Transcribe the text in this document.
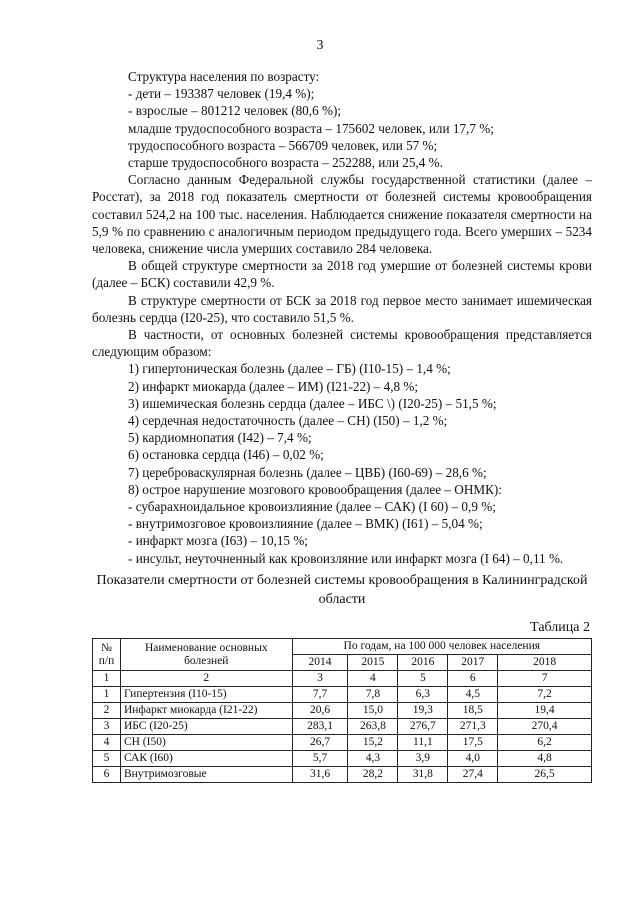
3

Структура населения по возрасту:

- дети – 193387 человек (19,4 %);

- взрослые – 801212 человек (80,6 %);

младше трудоспособного возраста – 175602 человек, или 17,7 %;

трудоспособного возраста – 566709 человек, или 57 %;

старше трудоспособного возраста – 252288, или 25,4 %.

Согласно данным Федеральной службы государственной статистики (далее – Росстат), за 2018 год показатель смертности от болезней системы кровообращения составил 524,2 на 100 тыс. населения. Наблюдается снижение показателя смертности на 5,9 % по сравнению с аналогичным периодом предыдущего года. Всего умерших – 5234 человека, снижение числа умерших составило 284 человека.

В общей структуре смертности за 2018 год умершие от болезней системы крови (далее – БСК) составили 42,9 %.

В структуре смертности от БСК за 2018 год первое место занимает ишемическая болезнь сердца (I20-25), что составило 51,5 %.

В частности, от основных болезней системы кровообращения представляется следующим образом:

1) гипертоническая болезнь (далее – ГБ) (I10-15) – 1,4 %;

2) инфаркт миокарда (далее – ИМ) (I21-22) – 4,8 %;

3) ишемическая болезнь сердца (далее – ИБС \) (I20-25) – 51,5 %;

4) сердечная недостаточность (далее – СН) (I50) – 1,2 %;

5) кардиомнопатия (I42) – 7,4 %;

6) остановка сердца (I46) – 0,02 %;

7) цереброваскулярная болезнь (далее – ЦВБ) (I60-69) – 28,6 %;

8) острое нарушение мозгового кровообращения (далее – ОНМК):

- субарахноидальное кровоизлияние (далее – САК) (I 60) – 0,9 %;

- внутримозговое кровоизлияние (далее – ВМК) (I61) – 5,04 %;

- инфаркт мозга (I63) – 10,15 %;

- инсульт, неуточненный как кровоизляние или инфаркт мозга (I 64) – 0,11 %.

Показатели смертности от болезней системы кровообращения в Калининградской области

Таблица 2

№ п/п	Наименование основных болезней	По годам, на 100 000 человек населения				
		2014	2015	2016	2017	2018
1	2	3	4	5	6	7
1	Гипертензия (I10-15)	7,7	7,8	6,3	4,5	7,2
2	Инфаркт миокарда (I21-22)	20,6	15,0	19,3	18,5	19,4
3	ИБС (I20-25)	283,1	263,8	276,7	271,3	270,4
4	СН (I50)	26,7	15,2	11,1	17,5	6,2
5	САК (I60)	5,7	4,3	3,9	4,0	4,8
6	Внутримозговые	31,6	28,2	31,8	27,4	26,5
